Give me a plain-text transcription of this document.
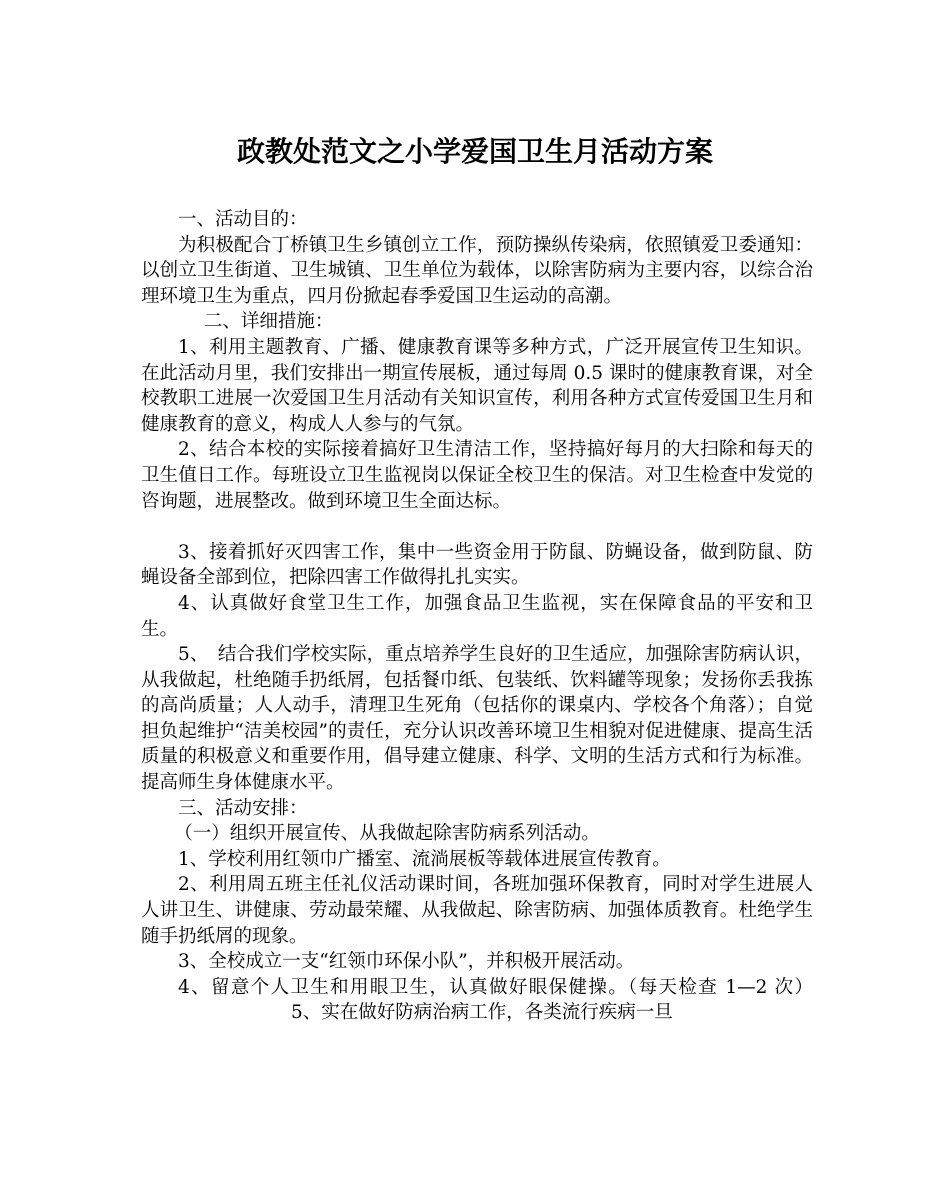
政教处范文之小学爱国卫生月活动方案

一、活动目的：

为积极配合丁桥镇卫生乡镇创立工作，预防操纵传染病，依照镇爱卫委通知：以创立卫生街道、卫生城镇、卫生单位为载体，以除害防病为主要内容，以综合治理环境卫生为重点，四月份掀起春季爱国卫生运动的高潮。

二、详细措施：

1、利用主题教育、广播、健康教育课等多种方式，广泛开展宣传卫生知识。在此活动月里，我们安排出一期宣传展板，通过每周 0.5 课时的健康教育课，对全校教职工进展一次爱国卫生月活动有关知识宣传，利用各种方式宣传爱国卫生月和健康教育的意义，构成人人参与的气氛。

2、结合本校的实际接着搞好卫生清洁工作，坚持搞好每月的大扫除和每天的卫生值日工作。每班设立卫生监视岗以保证全校卫生的保洁。对卫生检查中发觉的咨询题，进展整改。做到环境卫生全面达标。

3、接着抓好灭四害工作，集中一些资金用于防鼠、防蝇设备，做到防鼠、防蝇设备全部到位，把除四害工作做得扎扎实实。

4、认真做好食堂卫生工作，加强食品卫生监视，实在保障食品的平安和卫生。

5、　结合我们学校实际，重点培养学生良好的卫生适应，加强除害防病认识，从我做起，杜绝随手扔纸屑，包括餐巾纸、包装纸、饮料罐等现象；发扬你丢我拣的高尚质量；人人动手，清理卫生死角（包括你的课桌内、学校各个角落）；自觉担负起维护“洁美校园”的责任，充分认识改善环境卫生相貌对促进健康、提高生活质量的积极意义和重要作用，倡导建立健康、科学、文明的生活方式和行为标准。提高师生身体健康水平。

三、活动安排：

（一）组织开展宣传、从我做起除害防病系列活动。

1、学校利用红领巾广播室、流淌展板等载体进展宣传教育。

2、利用周五班主任礼仪活动课时间，各班加强环保教育，同时对学生进展人人讲卫生、讲健康、劳动最荣耀、从我做起、除害防病、加强体质教育。杜绝学生随手扔纸屑的现象。

3、全校成立一支“红领巾环保小队”，并积极开展活动。

4、留意个人卫生和用眼卫生，认真做好眼保健操。（每天检查 1—2 次）5、实在做好防病治病工作，各类流行疾病一旦
